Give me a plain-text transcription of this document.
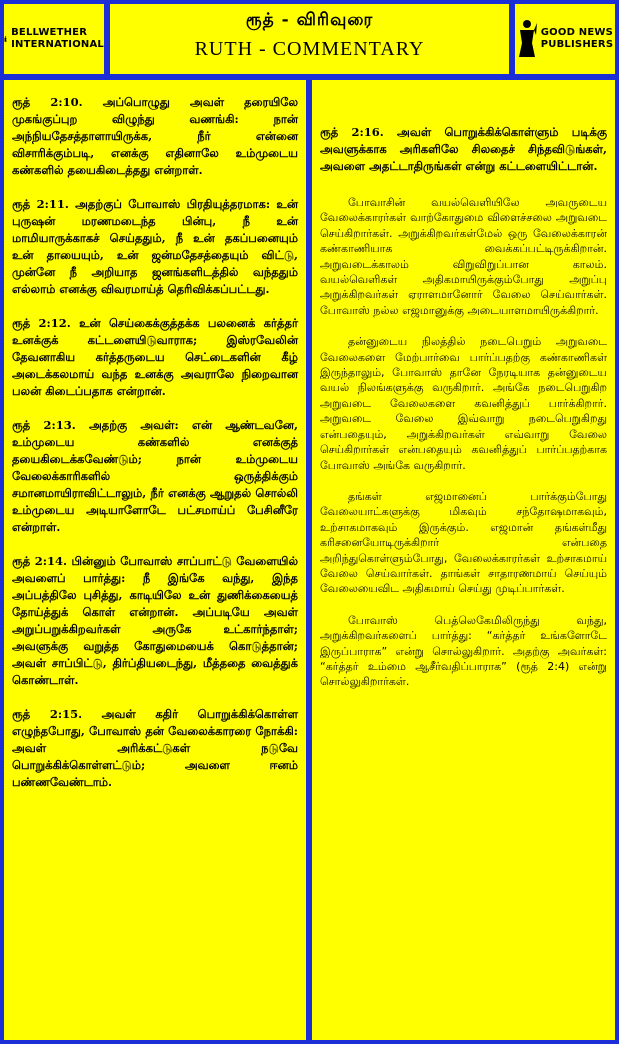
BELLWETHER
INTERNATIONAL
ரூத் - விரிவுரை
RUTH - COMMENTARY
GOOD NEWS
PUBLISHERS

ரூத் 2:10. அப்பொழுது அவள் தரையிலே முகங்குப்புற விழுந்து வணங்கி: நான் அந்நியதேசத்தாளாயிருக்க, நீர் என்னை விசாரிக்கும்படி, எனக்கு எதினாலே உம்முடைய கண்களில் தயைகிடைத்தது என்றாள்.

ரூத் 2:11. அதற்குப் போவாஸ் பிரதியுத்தரமாக: உன் புருஷன் மரணமடைந்த பின்பு, நீ உன் மாமியாருக்காகச் செய்ததும், நீ உன் தகப்பனையும் உன் தாயையும், உன் ஜன்மதேசத்தையும் விட்டு, முன்னே நீ அறியாத ஜனங்களிடத்தில் வந்ததும் எல்லாம் எனக்கு விவரமாய்த் தெரிவிக்கப்பட்டது.

ரூத் 2:12. உன் செய்கைக்குத்தக்க பலனைக் கர்த்தர் உனக்குக் கட்டளையிடுவாராக; இஸ்ரவேலின் தேவனாகிய கர்த்தருடைய செட்டைகளின் கீழ் அடைக்கலமாய் வந்த உனக்கு அவராலே நிறைவான பலன் கிடைப்பதாக என்றான்.

ரூத் 2:13. அதற்கு அவள்: என் ஆண்டவனே, உம்முடைய கண்களில் எனக்குத் தயைகிடைக்கவேண்டும்; நான் உம்முடைய வேலைக்காரிகளில் ஒருத்திக்கும் சமானமாயிராவிட்டாலும், நீர் எனக்கு ஆறுதல் சொல்லி உம்முடைய அடியாளோடே பட்சமாய்ப் பேசினீரே என்றாள்.

ரூத் 2:14. பின்னும் போவாஸ் சாப்பாட்டு வேளையில் அவளைப் பார்த்து: நீ இங்கே வந்து, இந்த அப்பத்திலே புசித்து, காடியிலே உன் துணிக்கையைத் தோய்த்துக் கொள் என்றான். அப்படியே அவள் அறுப்பறுக்கிறவர்கள் அருகே உட்கார்ந்தாள்; அவளுக்கு வறுத்த கோதுமையைக் கொடுத்தான்; அவள் சாப்பிட்டு, திர்ப்தியடைந்து, மீத்ததை வைத்துக் கொண்டாள்.

ரூத் 2:15. அவள் கதிர் பொறுக்கிக்கொள்ள எழுந்தபோது, போவாஸ் தன் வேலைக்காரரை நோக்கி: அவள் அரிக்கட்டுகள் நடுவே பொறுக்கிக்கொள்ளட்டும்; அவளை ஈனம் பண்ணவேண்டாம்.

ரூத் 2:16. அவள் பொறுக்கிக்கொள்ளும் படிக்கு அவளுக்காக அரிகளிலே சிலதைச் சிந்தவிடுங்கள், அவளை அதட்டாதிருங்கள் என்று கட்டளையிட்டான்.

போவாசின் வயல்வெளியிலே அவருடைய வேலைக்காரர்கள் வாற்கோதுமை விளைச்சலை அறுவடை செய்கிறார்கள். அறுக்கிறவர்கள்மேல் ஒரு வேலைக்காரன் கண்காணியாக வைக்கப்பட்டிருக்கிறான். அறுவடைக்காலம் விறுவிறுப்பான காலம். வயல்வெளிகள் அதிகமாயிருக்கும்போது அறுப்பு அறுக்கிறவர்கள் ஏராளமானோர் வேலை செய்வார்கள். போவாஸ் நல்ல எஜமானுக்கு அடையாளமாயிருக்கிறார்.

தன்னுடைய நிலத்தில் நடைபெறும் அறுவடை வேலைகளை மேற்பார்வை பார்ப்பதற்கு கண்காணிகள் இருந்தாலும், போவாஸ் தானே நேரடியாக தன்னுடைய வயல் நிலங்களுக்கு வருகிறார். அங்கே நடைபெறுகிற அறுவடை வேலைகளை கவனித்துப் பார்க்கிறார். அறுவடை வேலை இவ்வாறு நடைபெறுகிறது என்பதையும், அறுக்கிறவர்கள் எவ்வாறு வேலை செய்கிறார்கள் என்பதையும் கவனித்துப் பார்ப்பதற்காக போவாஸ் அங்கே வருகிறார்.

தங்கள் எஜமானைப் பார்க்கும்போது வேலையாட்களுக்கு மிகவும் சந்தோஷமாகவும், உற்சாகமாகவும் இருக்கும். எஜமான் தங்கள்மீது கரிசனையோடிருக்கிறார் என்பதை அறிந்துகொள்ளும்போது, வேலைக்காரர்கள் உற்சாகமாய் வேலை செய்வார்கள். தாங்கள் சாதாரணமாய் செய்யும் வேலையைவிட அதிகமாய் செய்து முடிப்பார்கள்.

போவாஸ் பெத்லெகேமிலிருந்து வந்து, அறுக்கிறவர்களைப் பார்த்து: “கர்த்தர் உங்களோடே இருப்பாராக” என்று சொல்லுகிறார். அதற்கு அவர்கள்: “கர்த்தர் உம்மை ஆசீர்வதிப்பாராக” (ரூத் 2:4) என்று சொல்லுகிறார்கள்.
